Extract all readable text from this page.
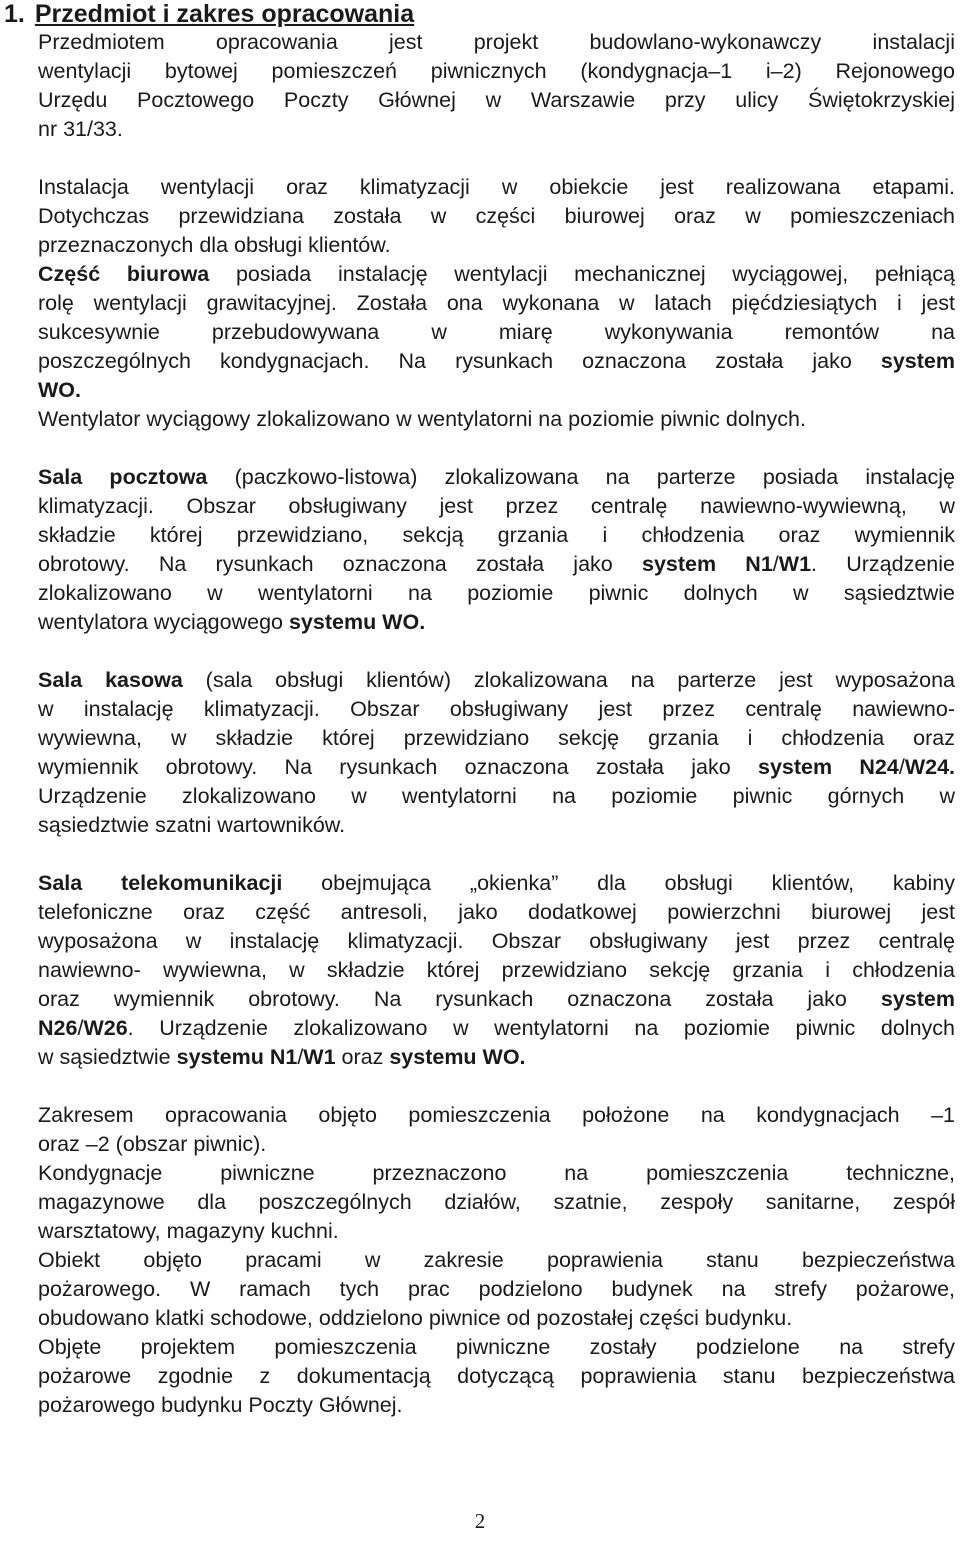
1. Przedmiot i zakres opracowania
Przedmiotem opracowania jest projekt budowlano-wykonawczy instalacji
wentylacji bytowej pomieszczeń piwnicznych (kondygnacja–1 i–2) Rejonowego
Urzędu Pocztowego Poczty Głównej w Warszawie przy ulicy Świętokrzyskiej
nr 31/33.
Instalacja wentylacji oraz klimatyzacji w obiekcie jest realizowana etapami.
Dotychczas przewidziana została w części biurowej oraz w pomieszczeniach
przeznaczonych dla obsługi klientów.
Część biurowa posiada instalację wentylacji mechanicznej wyciągowej, pełniącą
rolę wentylacji grawitacyjnej. Została ona wykonana w latach pięćdziesiątych i jest
sukcesywnie przebudowywana w miarę wykonywania remontów na
poszczególnych kondygnacjach. Na rysunkach oznaczona została jako system
WO.
Wentylator wyciągowy zlokalizowano w wentylatorni na poziomie piwnic dolnych.
Sala pocztowa (paczkowo-listowa) zlokalizowana na parterze posiada instalację
klimatyzacji. Obszar obsługiwany jest przez centralę nawiewno-wywiewną, w
składzie której przewidziano, sekcją grzania i chłodzenia oraz wymiennik
obrotowy. Na rysunkach oznaczona została jako system N1/W1. Urządzenie
zlokalizowano w wentylatorni na poziomie piwnic dolnych w sąsiedztwie
wentylatora wyciągowego systemu WO.
Sala kasowa (sala obsługi klientów) zlokalizowana na parterze jest wyposażona
w instalację klimatyzacji. Obszar obsługiwany jest przez centralę nawiewno-
wywiewna, w składzie której przewidziano sekcję grzania i chłodzenia oraz
wymiennik obrotowy. Na rysunkach oznaczona została jako system N24/W24.
Urządzenie zlokalizowano w wentylatorni na poziomie piwnic górnych w
sąsiedztwie szatni wartowników.
Sala telekomunikacji obejmująca „okienka” dla obsługi klientów, kabiny
telefoniczne oraz część antresoli, jako dodatkowej powierzchni biurowej jest
wyposażona w instalację klimatyzacji. Obszar obsługiwany jest przez centralę
nawiewno- wywiewna, w składzie której przewidziano sekcję grzania i chłodzenia
oraz wymiennik obrotowy. Na rysunkach oznaczona została jako system
N26/W26. Urządzenie zlokalizowano w wentylatorni na poziomie piwnic dolnych
w sąsiedztwie systemu N1/W1 oraz systemu WO.
Zakresem opracowania objęto pomieszczenia położone na kondygnacjach –1
oraz –2 (obszar piwnic).
Kondygnacje piwniczne przeznaczono na pomieszczenia techniczne,
magazynowe dla poszczególnych działów, szatnie, zespoły sanitarne, zespół
warsztatowy, magazyny kuchni.
Obiekt objęto pracami w zakresie poprawienia stanu bezpieczeństwa
pożarowego. W ramach tych prac podzielono budynek na strefy pożarowe,
obudowano klatki schodowe, oddzielono piwnice od pozostałej części budynku.
Objęte projektem pomieszczenia piwniczne zostały podzielone na strefy
pożarowe zgodnie z dokumentacją dotyczącą poprawienia stanu bezpieczeństwa
pożarowego budynku Poczty Głównej.
2
